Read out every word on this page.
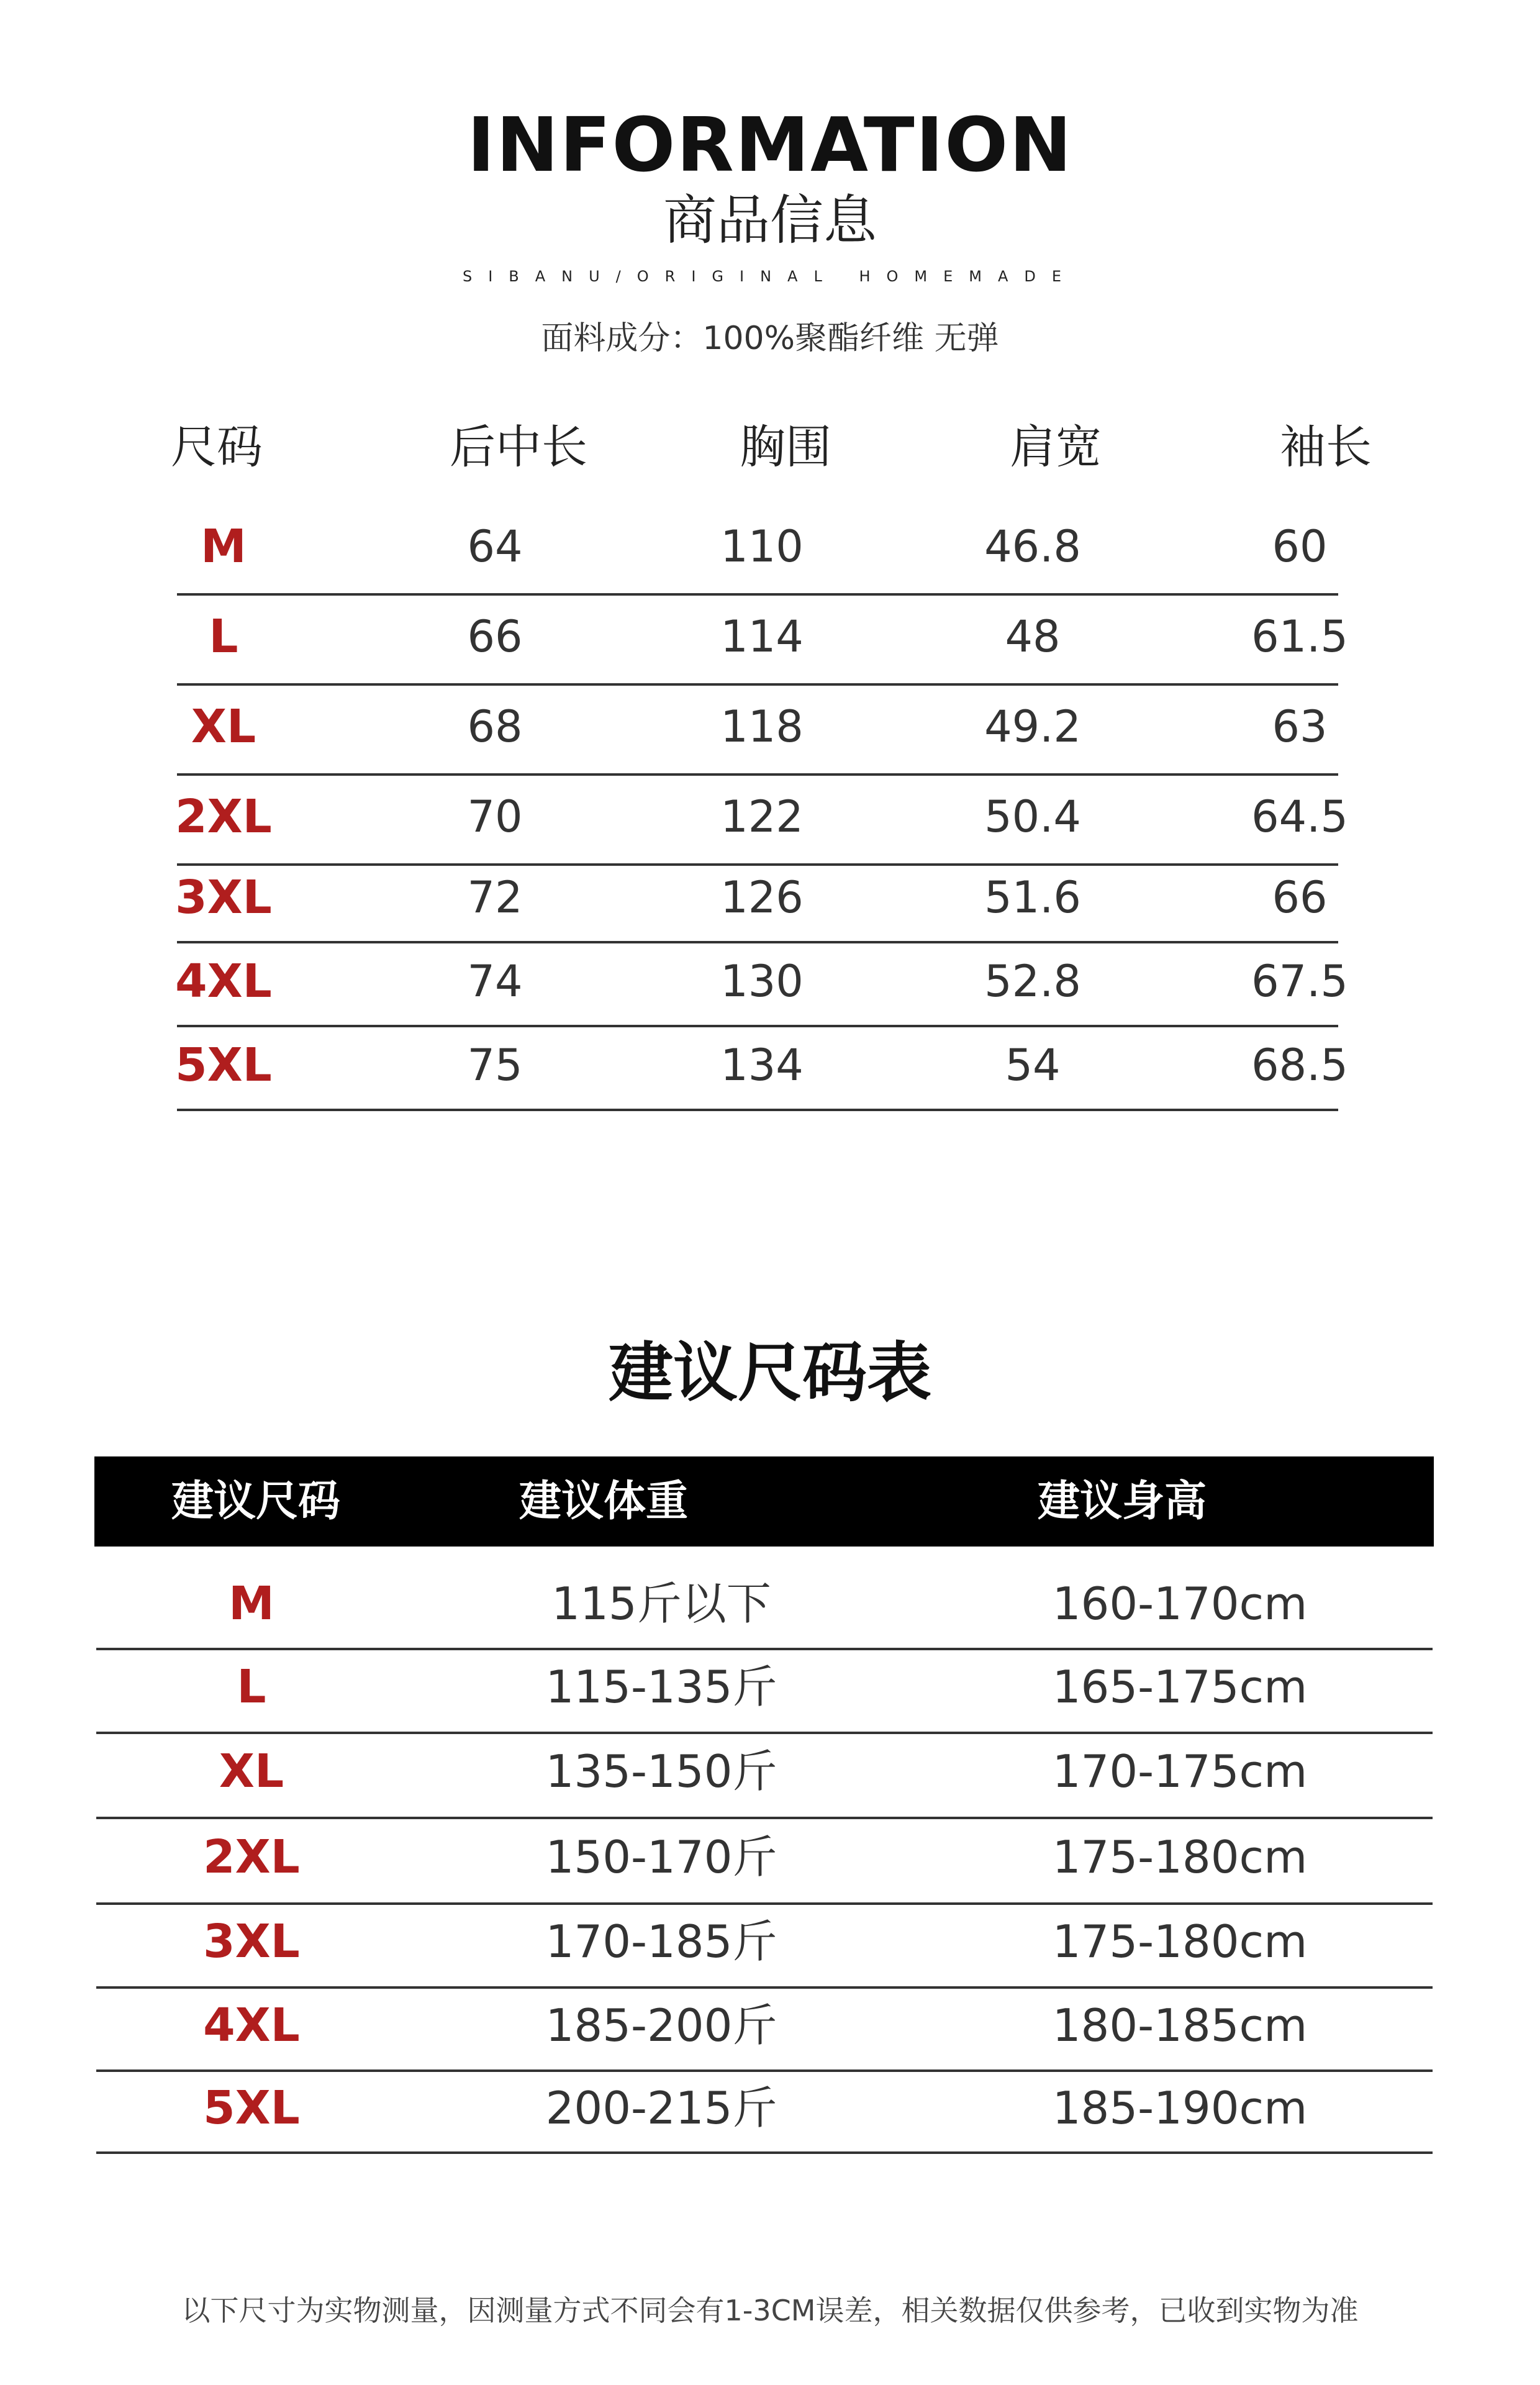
INFORMATION
商品信息
SIBANU/ORIGINAL HOMEMADE
面料成分：100%聚酯纤维 无弹
尺码	后中长	胸围	肩宽	袖长
M	64	110	46.8	60
L	66	114	48	61.5
XL	68	118	49.2	63
2XL	70	122	50.4	64.5
3XL	72	126	51.6	66
4XL	74	130	52.8	67.5
5XL	75	134	54	68.5
建议尺码表
建议尺码	建议体重	建议身高
M	115斤以下	160-170cm
L	115-135斤	165-175cm
XL	135-150斤	170-175cm
2XL	150-170斤	175-180cm
3XL	170-185斤	175-180cm
4XL	185-200斤	180-185cm
5XL	200-215斤	185-190cm
以下尺寸为实物测量，因测量方式不同会有1-3CM误差，相关数据仅供参考，已收到实物为准
